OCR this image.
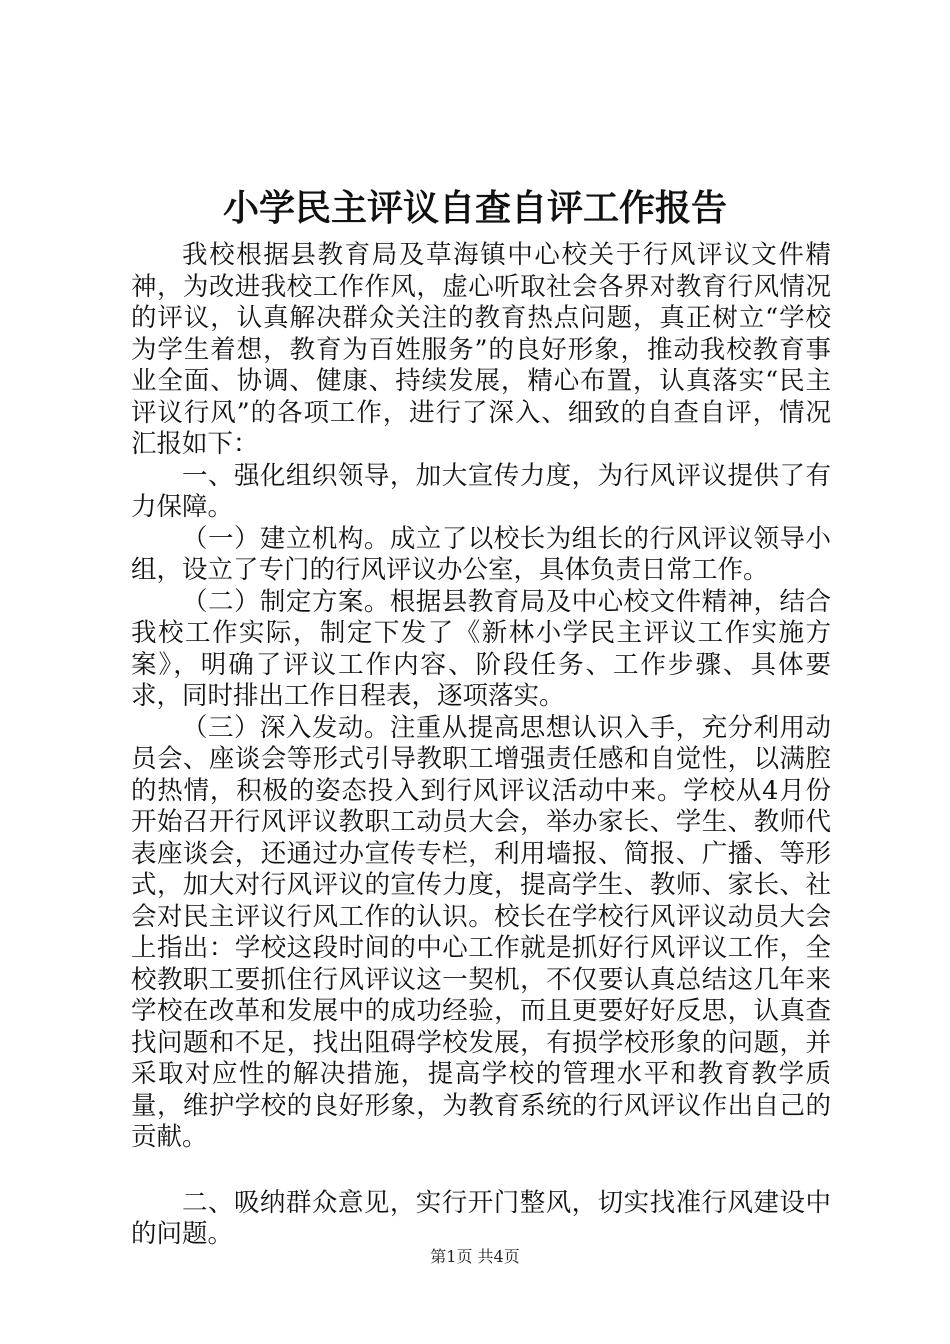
小学民主评议自查自评工作报告

我校根据县教育局及草海镇中心校关于行风评议文件精神，为改进我校工作作风，虚心听取社会各界对教育行风情况的评议，认真解决群众关注的教育热点问题，真正树立“学校为学生着想，教育为百姓服务”的良好形象，推动我校教育事业全面、协调、健康、持续发展，精心布置，认真落实“民主评议行风”的各项工作，进行了深入、细致的自查自评，情况汇报如下：

一、强化组织领导，加大宣传力度，为行风评议提供了有力保障。

（一）建立机构。成立了以校长为组长的行风评议领导小组，设立了专门的行风评议办公室，具体负责日常工作。

（二）制定方案。根据县教育局及中心校文件精神，结合我校工作实际，制定下发了《新林小学民主评议工作实施方案》，明确了评议工作内容、阶段任务、工作步骤、具体要求，同时排出工作日程表，逐项落实。

（三）深入发动。注重从提高思想认识入手，充分利用动员会、座谈会等形式引导教职工增强责任感和自觉性，以满腔的热情，积极的姿态投入到行风评议活动中来。学校从4月份开始召开行风评议教职工动员大会，举办家长、学生、教师代表座谈会，还通过办宣传专栏，利用墙报、简报、广播、等形式，加大对行风评议的宣传力度，提高学生、教师、家长、社会对民主评议行风工作的认识。校长在学校行风评议动员大会上指出：学校这段时间的中心工作就是抓好行风评议工作，全校教职工要抓住行风评议这一契机，不仅要认真总结这几年来学校在改革和发展中的成功经验，而且更要好好反思，认真查找问题和不足，找出阻碍学校发展，有损学校形象的问题，并采取对应性的解决措施，提高学校的管理水平和教育教学质量，维护学校的良好形象，为教育系统的行风评议作出自己的贡献。

二、吸纳群众意见，实行开门整风，切实找准行风建设中的问题。

第1页 共4页
